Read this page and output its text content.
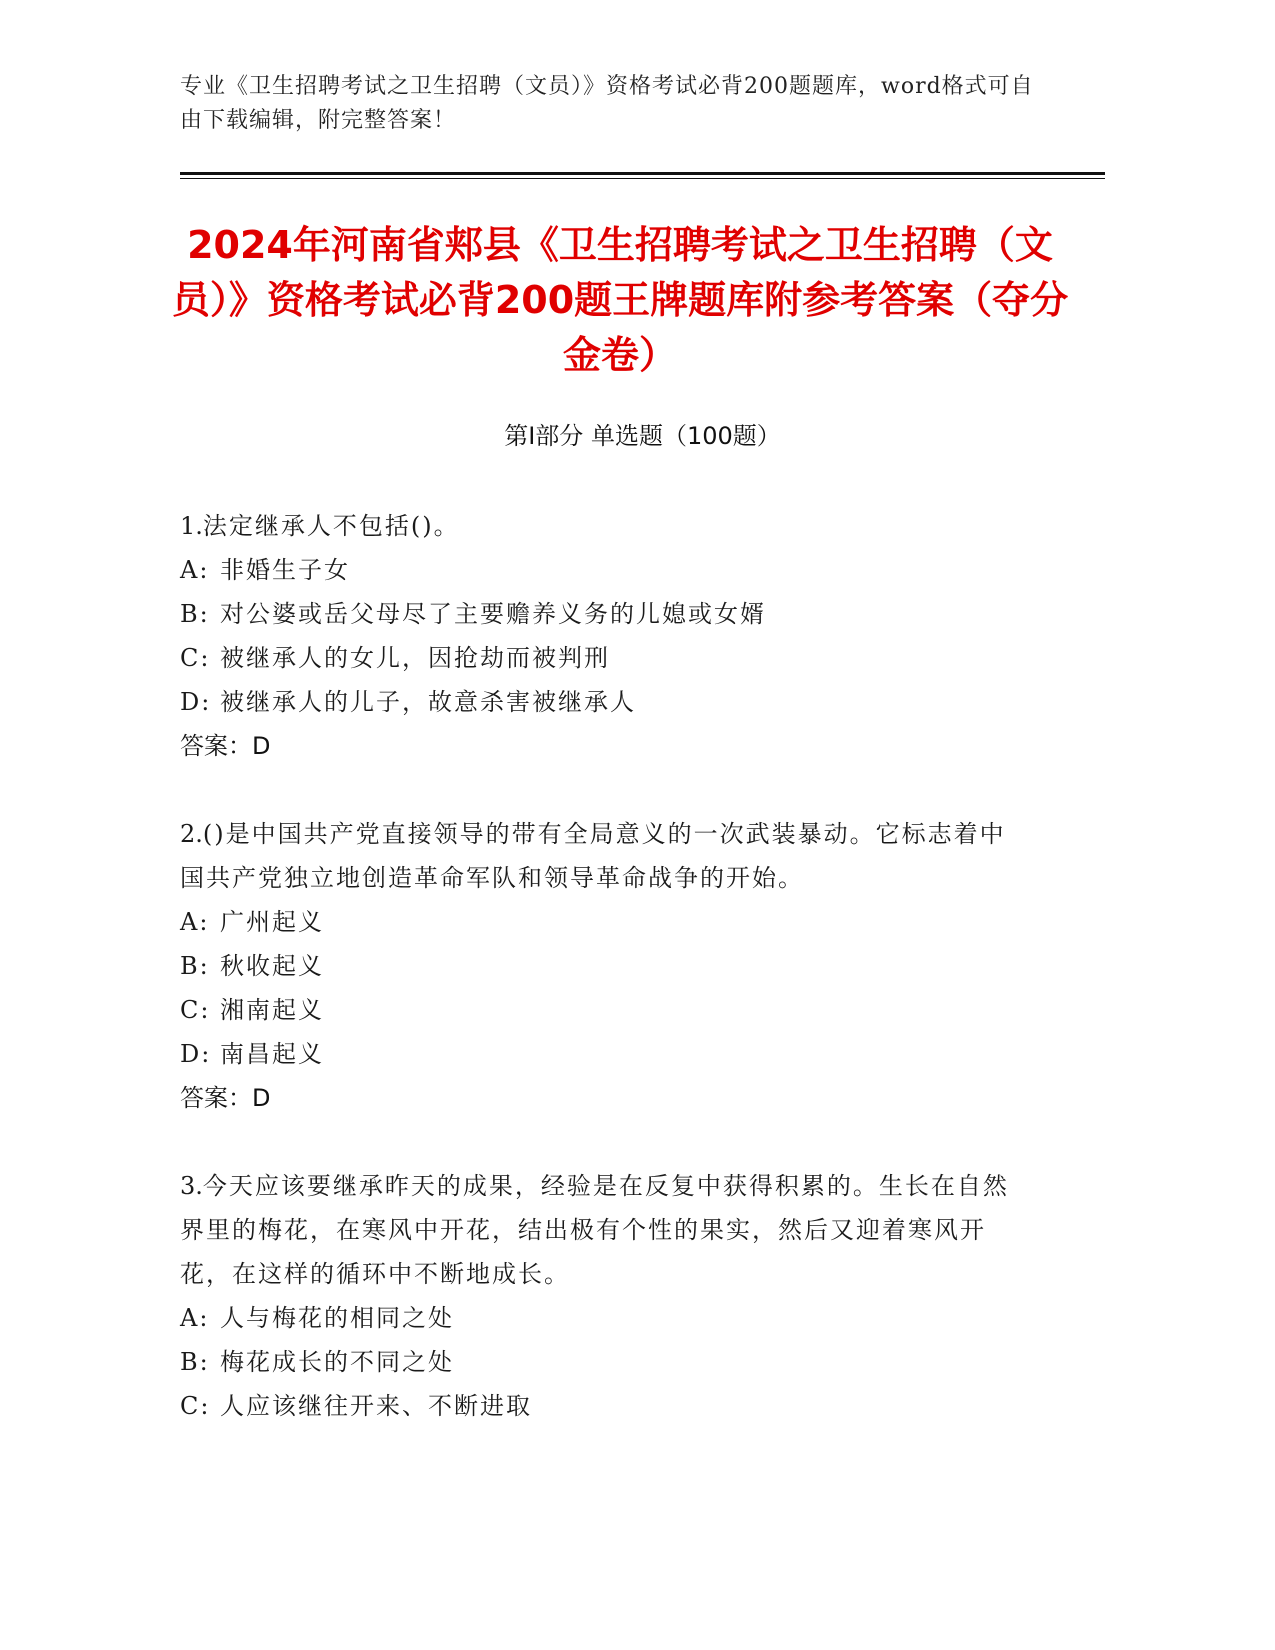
专业《卫生招聘考试之卫生招聘（文员）》资格考试必背200题题库，word格式可自由下载编辑，附完整答案！
2024年河南省郏县《卫生招聘考试之卫生招聘（文员）》资格考试必背200题王牌题库附参考答案（夺分金卷）
第I部分 单选题（100题）
1.法定继承人不包括()。
A: 非婚生子女
B: 对公婆或岳父母尽了主要赡养义务的儿媳或女婿
C: 被继承人的女儿，因抢劫而被判刑
D: 被继承人的儿子，故意杀害被继承人
答案：D
2.()是中国共产党直接领导的带有全局意义的一次武装暴动。它标志着中国共产党独立地创造革命军队和领导革命战争的开始。
A: 广州起义
B: 秋收起义
C: 湘南起义
D: 南昌起义
答案：D
3.今天应该要继承昨天的成果，经验是在反复中获得积累的。生长在自然界里的梅花，在寒风中开花，结出极有个性的果实，然后又迎着寒风开花，在这样的循环中不断地成长。
A: 人与梅花的相同之处
B: 梅花成长的不同之处
C: 人应该继往开来、不断进取
